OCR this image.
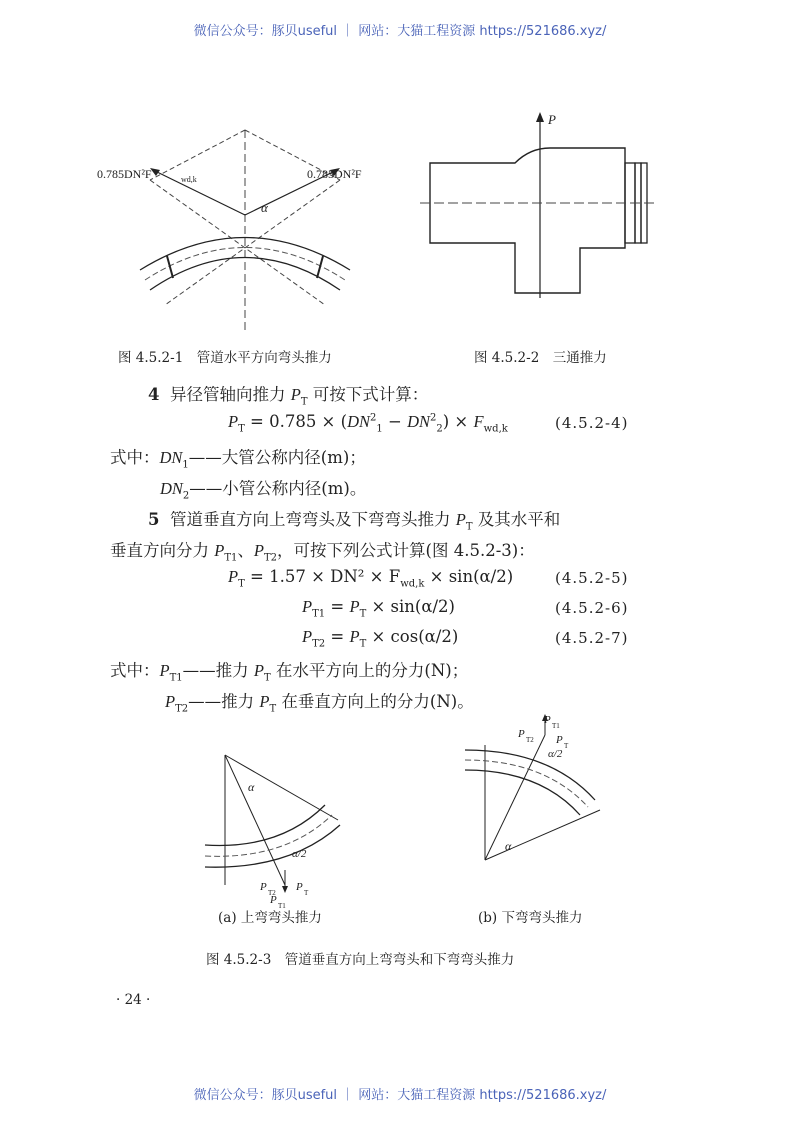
微信公众号：豚贝useful ｜ 网站：大猫工程资源 https://521686.xyz/
0.785DN²F	wd,k	0.785DN²F
α
图 4.5.2-1　管道水平方向弯头推力
P
图 4.5.2-2　三通推力
4 异径管轴向推力 $P_T$ 可按下式计算：
$P_T = 0.785 \times (DN^2_1 - DN^2_2) \times F_{wd,k}$	(4.5.2-4)
式中：$DN_1——$大管公称内径(m)；
$DN_2——$小管公称内径(m)。
5 管道垂直方向上弯弯头及下弯弯头推力 $P_T$ 及其水平和
垂直方向分力 $P_{T1}$、$P_{T2}$，可按下列公式计算(图 4.5.2-3)：
$P_T = 1.57 \times DN^2 \times F_{wd,k} \times \sin(\alpha/2)$	(4.5.2-5)
$P_{T1} = P_T \times \sin(\alpha/2)$	(4.5.2-6)
$P_{T2} = P_T \times \cos(\alpha/2)$	(4.5.2-7)
式中：$P_{T1}——$推力 $P_T$ 在水平方向上的分力(N)；
$P_{T2}——$推力 $P_T$ 在垂直方向上的分力(N)。
α
α/2
P T2 P T
P T1
(a) 上弯弯头推力
α
α/2
P T2 P T
P T1
(b) 下弯弯头推力
图 4.5.2-3　管道垂直方向上弯弯头和下弯弯头推力
· 24 ·
微信公众号：豚贝useful ｜ 网站：大猫工程资源 https://521686.xyz/
